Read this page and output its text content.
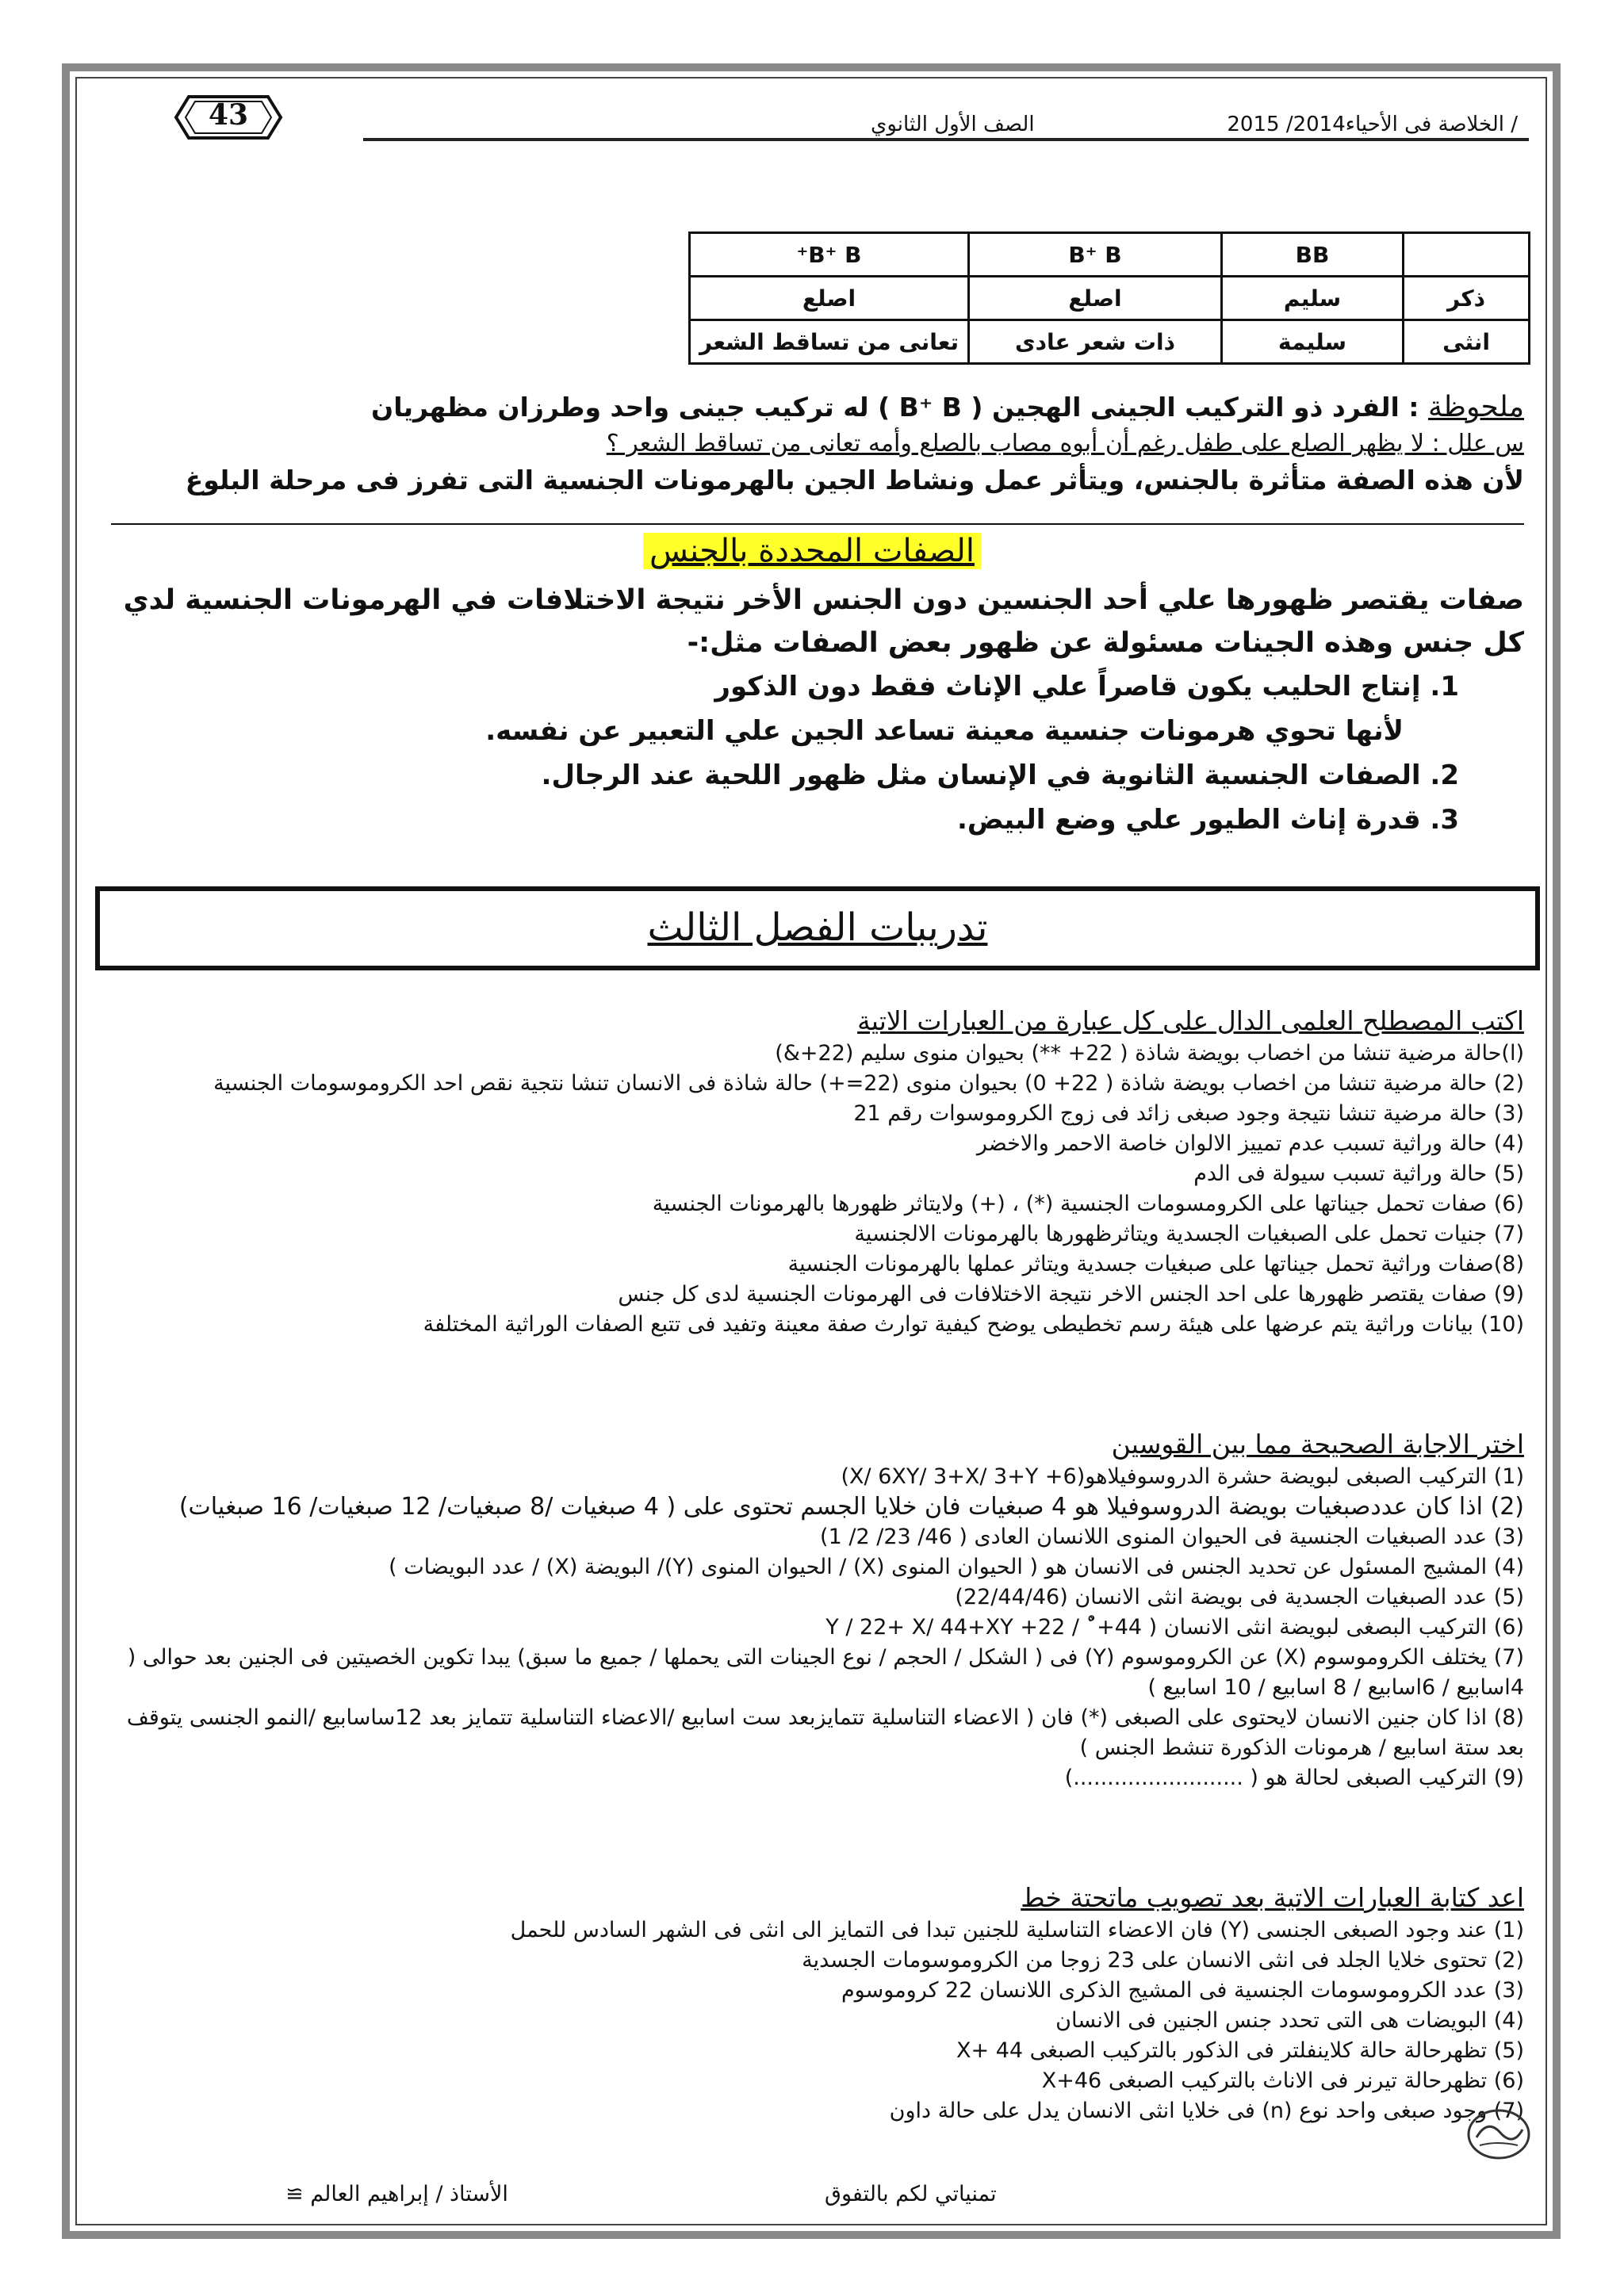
43	الصف الأول الثانوي	/ الخلاصة فى الأحياء2014/ 2015
	BB	B⁺ B	B⁺ B⁺
ذكر	سليم	اصلع	اصلع
انثى	سليمة	ذات شعر عادى	تعانى من تساقط الشعر
ملحوظة : الفرد ذو التركيب الجينى الهجين ( B⁺ B ) له تركيب جينى واحد وطرزان مظهريان
س علل : لا يظهر الصلع على طفل رغم أن أبوه مصاب بالصلع وأمه تعانى من تساقط الشعر ؟
لأن هذه الصفة متأثرة بالجنس، ويتأثر عمل ونشاط الجين بالهرمونات الجنسية التى تفرز فى مرحلة البلوغ
الصفات المحددة بالجنس
صفات يقتصر ظهورها علي أحد الجنسين دون الجنس الأخر نتيجة الاختلافات في الهرمونات الجنسية لدي كل جنس وهذه الجينات مسئولة عن ظهور بعض الصفات مثل:-
1. إنتاج الحليب يكون قاصراً علي الإناث فقط دون الذكور
لأنها تحوي هرمونات جنسية معينة تساعد الجين علي التعبير عن نفسه.
2. الصفات الجنسية الثانوية في الإنسان مثل ظهور اللحية عند الرجال.
3. قدرة إناث الطيور علي وضع البيض.
تدريبات الفصل الثالث
اكتب المصطلح العلمى الدال على كل عبارة من العبارات الاتية
(ا)حالة مرضية تنشا من اخصاب بويضة شاذة ( 22+ **) بحيوان منوى سليم (22+&)
(2) حالة مرضية تنشا من اخصاب بويضة شاذة ( 22+ 0) بحيوان منوى (22=+) حالة شاذة فى الانسان تنشا نتجية نقص احد الكروموسومات الجنسية
(3) حالة مرضية تنشا نتيجة وجود صبغى زائد فى زوج الكروموسوات رقم 21
(4) حالة وراثية تسبب عدم تمييز الالوان خاصة الاحمر والاخضر
(5) حالة وراثية تسبب سيولة فى الدم
(6) صفات تحمل جيناتها على الكرومسومات الجنسية (*) ، (+) ولايتاثر ظهورها بالهرمونات الجنسية
(7) جنيات تحمل على الصبغيات الجسدية ويتاثرظهورها بالهرمونات الالجنسية
(8)صفات وراثية تحمل جيناتها على صبغيات جسدية ويتاثر عملها بالهرمونات الجنسية
(9) صفات يقتصر ظهورها على احد الجنس الاخر نتيجة الاختلافات فى الهرمونات الجنسية لدى كل جنس
(10) بيانات وراثية يتم عرضها على هيئة رسم تخطيطى يوضح كيفية توارث صفة معينة وتفيد فى تتبع الصفات الوراثية المختلفة
اختر الاجابة الصحيحة مما بين القوسين
(1) التركيب الصبغى لبويضة حشرة الدروسوفيلاهو(6+ X/ 6XY/ 3+X/ 3+Y)
(2) اذا كان عددصبغيات بويضة الدروسوفيلا هو 4 صبغيات فان خلايا الجسم تحتوى على ( 4 صبغيات /8 صبغيات/ 12 صبغيات/ 16 صبغيات)
(3) عدد الصبغيات الجنسية فى الحيوان المنوى اللانسان العادى ( 46/ 23/ 2/ 1)
(4) المشيج المسئول عن تحديد الجنس فى الانسان هو ( الحيوان المنوى (X) / الحيوان المنوى (Y)/ البويضة (X) / عدد البويضات )
(5) عدد الصبغيات الجسدية فى بويضة انثى الانسان (22/44/46)
(6) التركيب البصغى لبويضة انثى الانسان ( 44+˚ٌ / 22+ Y / 22+ X/ 44+XY
(7) يختلف الكروموسوم (X) عن الكروموسوم (Y) فى ( الشكل / الحجم / نوع الجينات التى يحملها / جميع ما سبق) يبدا تكوين الخصيتين فى الجنين بعد حوالى ( 4اسابيع / 6اسابيع / 8 اسابيع / 10 اسابيع )
(8) اذا كان جنين الانسان لايحتوى على الصبغى (*) فان ( الاعضاء التناسلية تتمايزبعد ست اسابيع /الاعضاء التناسلية تتمايز بعد 12ساسابيع /النمو الجنسى يتوقف بعد ستة اسابيع / هرمونات الذكورة تنشط الجنس )
(9) التركيب الصبغى لحالة هو ( .........................)
اعد كتابة العبارات الاتية بعد تصويب ماتحتة خط
(1) عند وجود الصبغى الجنسى (Y) فان الاعضاء التناسلية للجنين تبدا فى التمايز الى انثى فى الشهر السادس للحمل
(2) تحتوى خلايا الجلد فى انثى الانسان على 23 زوجا من الكروموسومات الجسدية
(3) عدد الكروموسومات الجنسية فى المشيج الذكرى اللانسان 22 كروموسوم
(4) البويضات هى التى تحدد جنس الجنين فى الانسان
(5) تظهرحالة حالة كلاينفلتر فى الذكور بالتركيب الصبغى 44 +X
(6) تظهرحالة تيرنر فى الاناث بالتركيب الصبغى 46+X
(7) وجود صبغى واحد نوع (n) فى خلايا انثى الانسان يدل على حالة داون
تمنياتي لكم بالتفوق
الأستاذ / إبراهيم العالم ≅
